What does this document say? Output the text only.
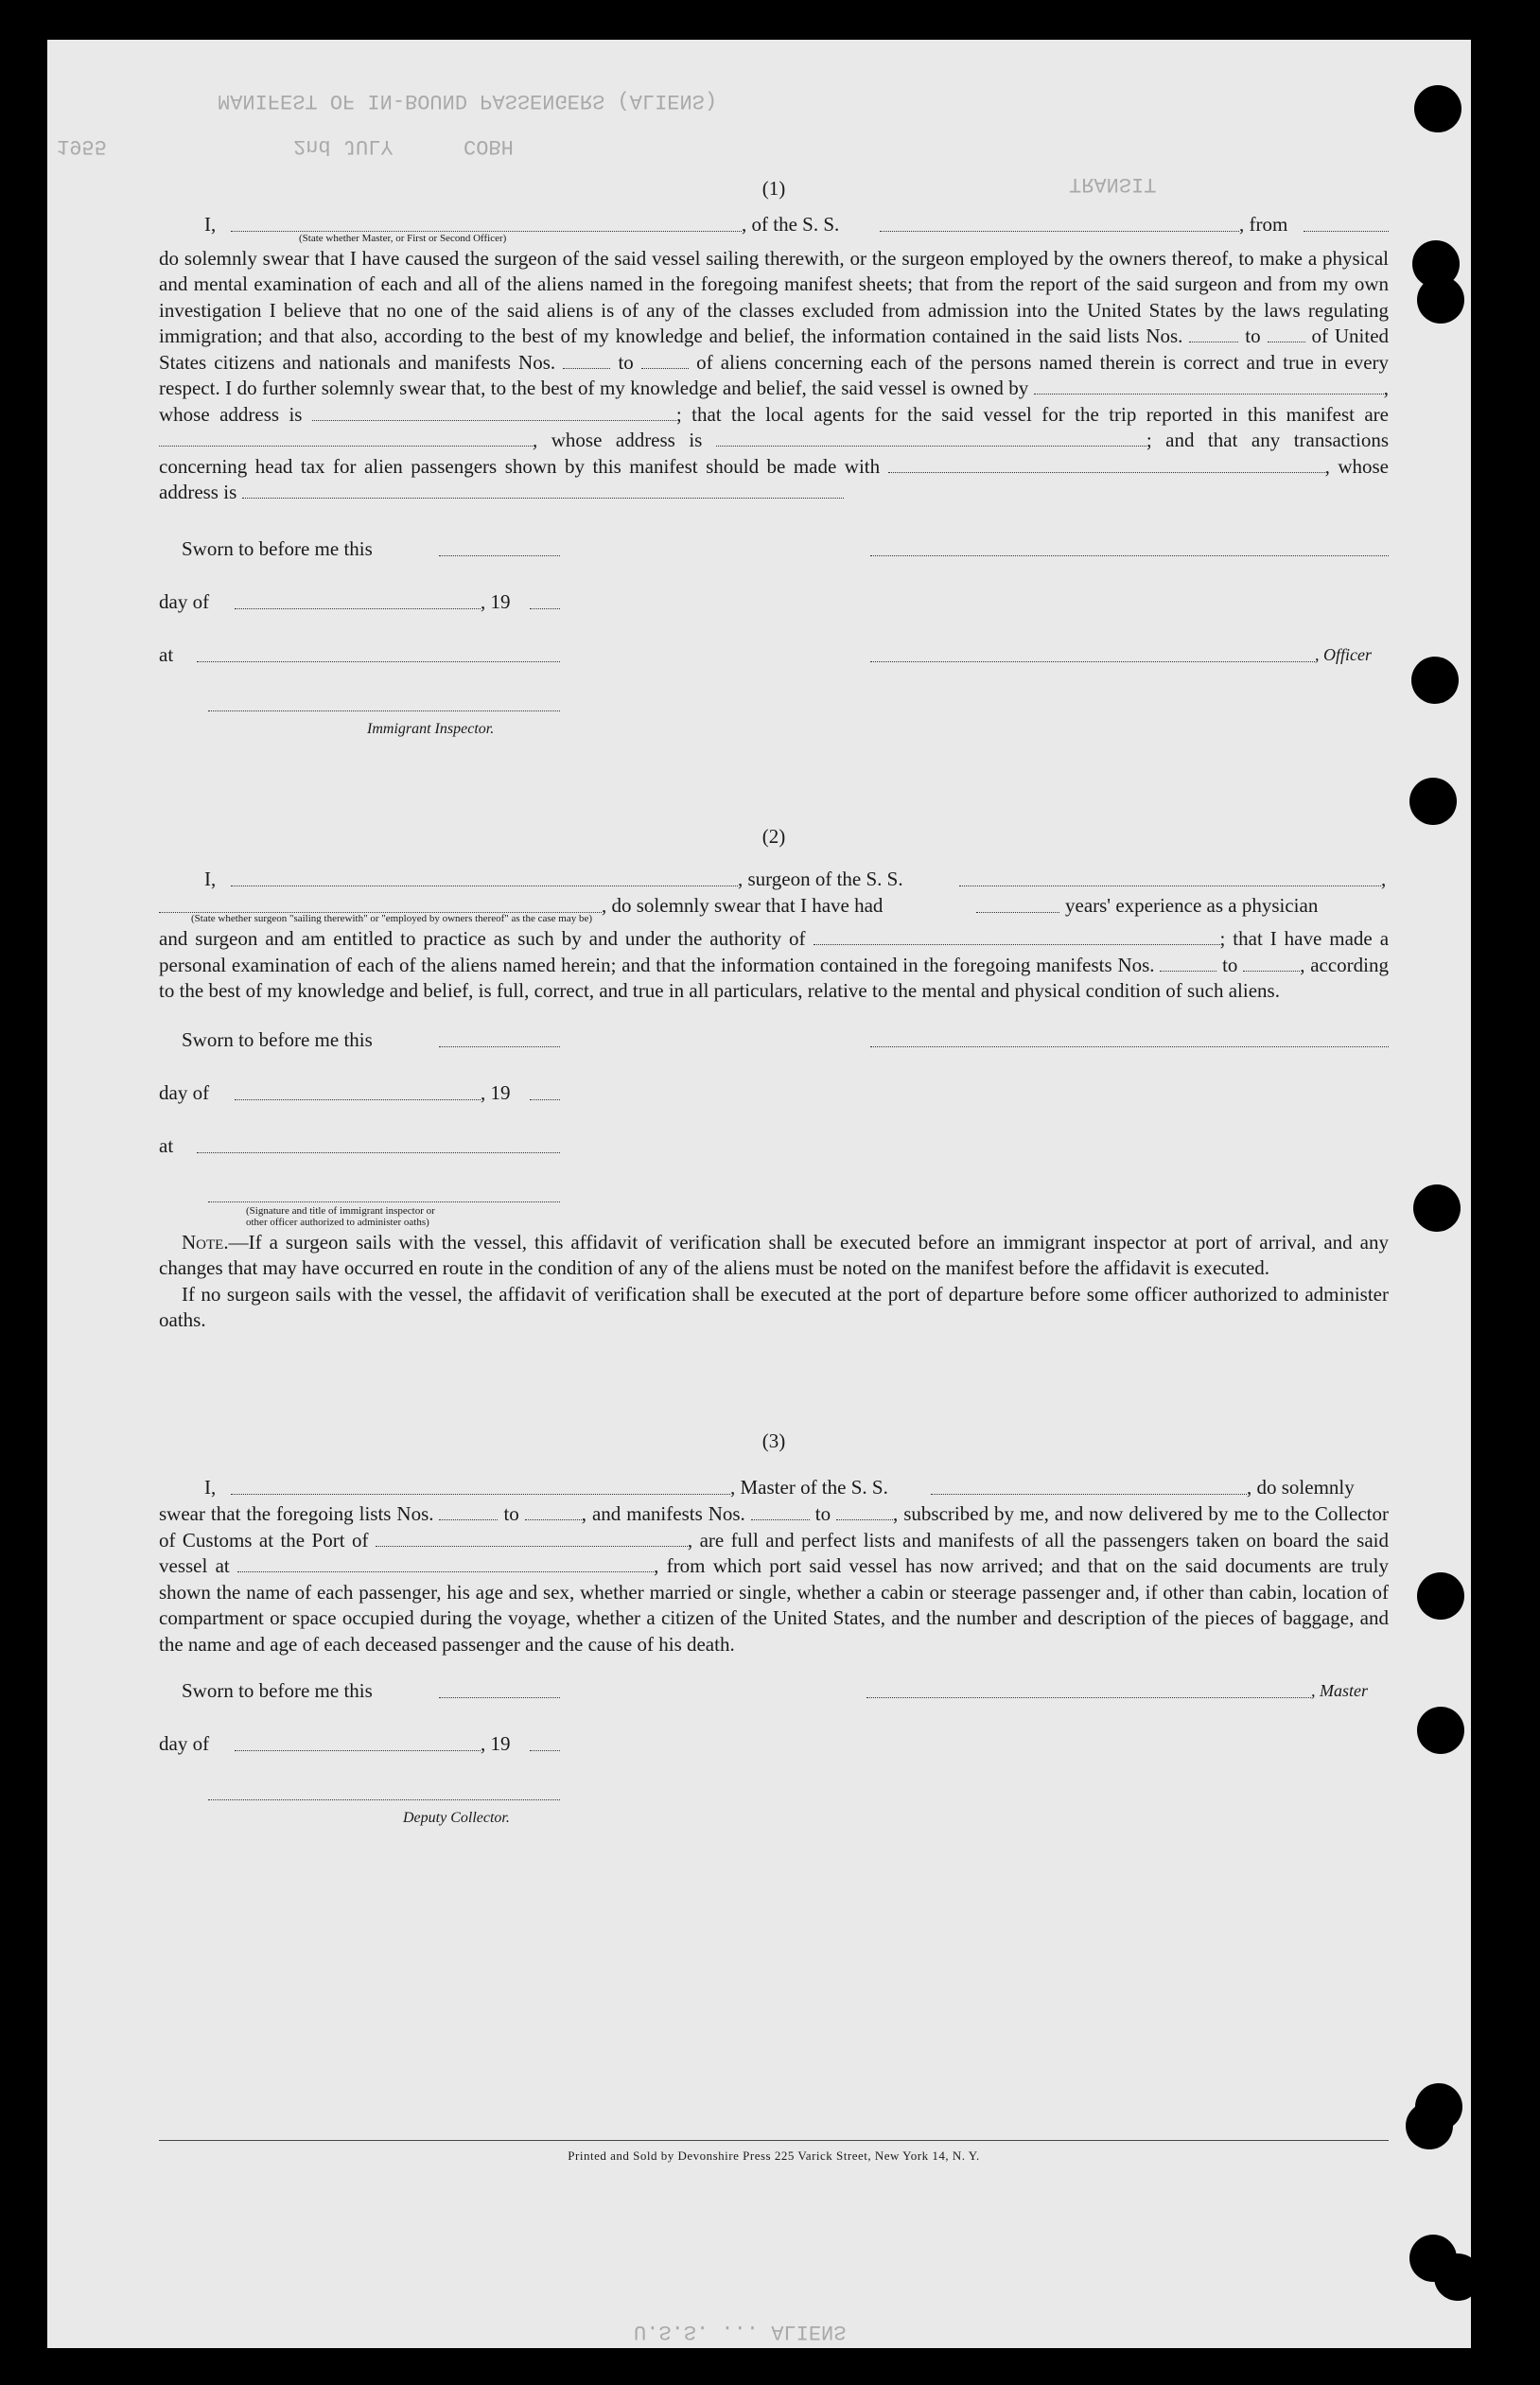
MANIFEST OF IN-BOUND PASSENGERS (ALIENS)
COBH
2nd JULY
1955
TRANSIT
U.S.S. ... ALIENS
(1)
I,	, of the S. S.	, from
(State whether Master, or First or Second Officer)

do solemnly swear that I have caused the surgeon of the said vessel sailing therewith, or the surgeon employed by the owners thereof, to make a physical and mental examination of each and all of the aliens named in the foregoing manifest sheets; that from the report of the said surgeon and from my own investigation I believe that no one of the said aliens is of any of the classes excluded from admission into the United States by the laws regulating immigration; and that also, according to the best of my knowledge and belief, the information contained in the said lists Nos.	to	of United States citizens and nationals and manifests Nos.	to	of aliens concerning each of the persons named therein is correct and true in every respect. I do further solemnly swear that, to the best of my knowledge and belief, the said vessel is owned by	, whose address is	; that the local agents for the said vessel for the trip reported in this manifest are , whose address is	; and that any transactions concerning head tax for alien passengers shown by this manifest should be made with	, whose address is

Sworn to before me this
day of	, 19
at	, Officer
Immigrant Inspector.
(2)
I,	, surgeon of the S. S.	,
, do solemnly swear that I have had	years' experience as a physician
(State whether surgeon "sailing therewith" or "employed by owners thereof" as the case may be)

and surgeon and am entitled to practice as such by and under the authority of	; that I have made a personal examination of each of the aliens named herein; and that the information contained in the foregoing manifests Nos.	to	, according to the best of my knowledge and belief, is full, correct, and true in all particulars, relative to the mental and physical condition of such aliens.

Sworn to before me this
day of	, 19
at
(Signature and title of immigrant inspector or
other officer authorized to administer oaths)

Note.—If a surgeon sails with the vessel, this affidavit of verification shall be executed before an immigrant inspector at port of arrival, and any changes that may have occurred en route in the condition of any of the aliens must be noted on the manifest before the affidavit is executed.

If no surgeon sails with the vessel, the affidavit of verification shall be executed at the port of departure before some officer authorized to administer oaths.

(3)
I,	, Master of the S. S.	, do solemnly

swear that the foregoing lists Nos.	to	, and manifests Nos.	to	, subscribed by me, and now delivered by me to the Collector of Customs at the Port of	, are full and perfect lists and manifests of all the passengers taken on board the said vessel at	, from which port said vessel has now arrived; and that on the said documents are truly shown the name of each passenger, his age and sex, whether married or single, whether a cabin or steerage passenger and, if other than cabin, location of compartment or space occupied during the voyage, whether a citizen of the United States, and the number and description of the pieces of baggage, and the name and age of each deceased passenger and the cause of his death.

Sworn to before me this	, Master
day of	, 19
Deputy Collector.
Printed and Sold by Devonshire Press 225 Varick Street, New York 14, N. Y.
